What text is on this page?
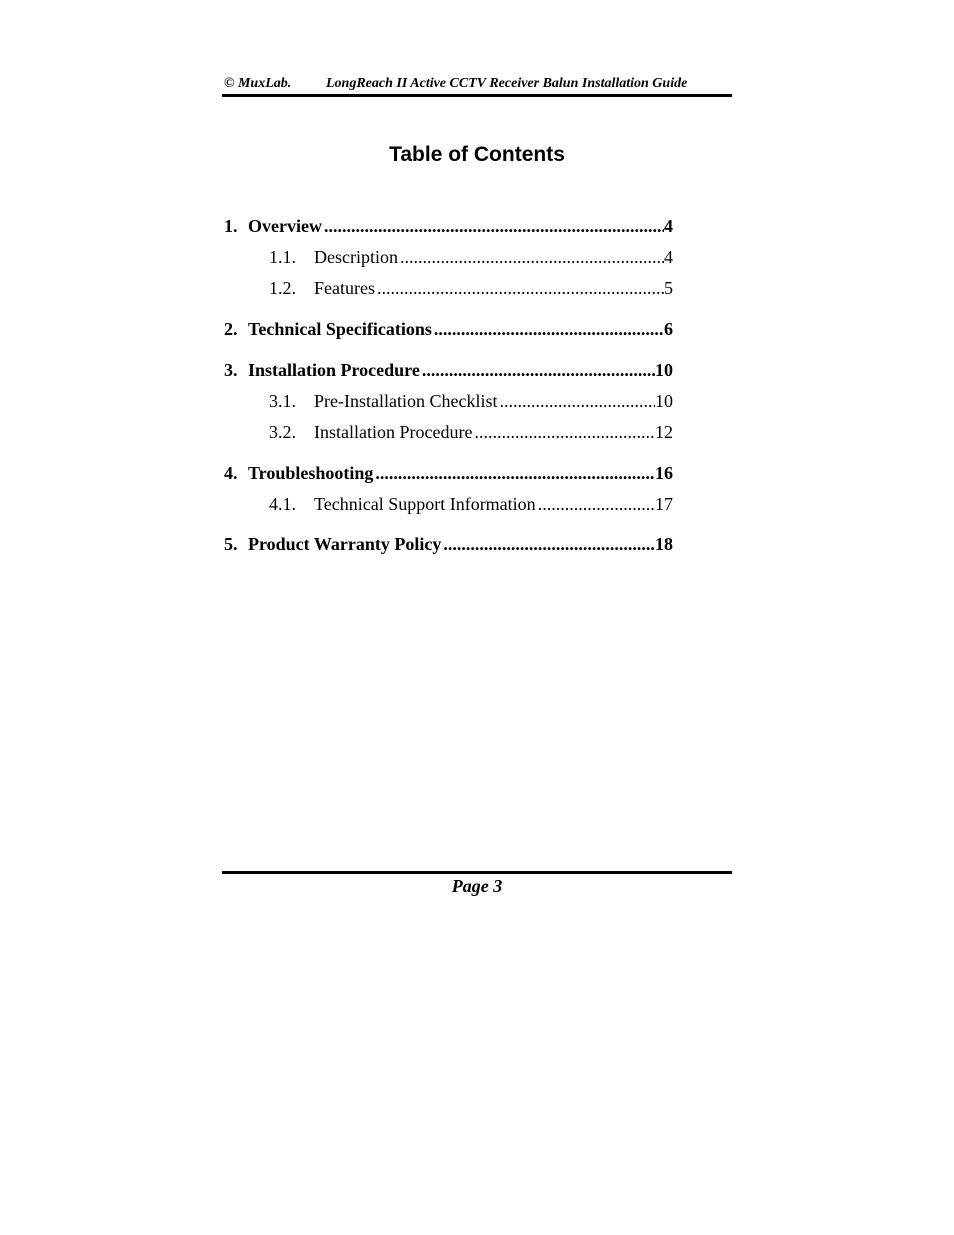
© MuxLab. LongReach II Active CCTV Receiver Balun Installation Guide
Table of Contents
1. Overview .....	4
1.1.	Description .....	4
1.2.	Features .....	5
2. Technical Specifications .....	6
3. Installation Procedure .....	10
3.1.	Pre-Installation Checklist .....	10
3.2.	Installation Procedure .....	12
4. Troubleshooting .....	16
4.1.	Technical Support Information .....	17
5. Product Warranty Policy .....	18
Page 3
